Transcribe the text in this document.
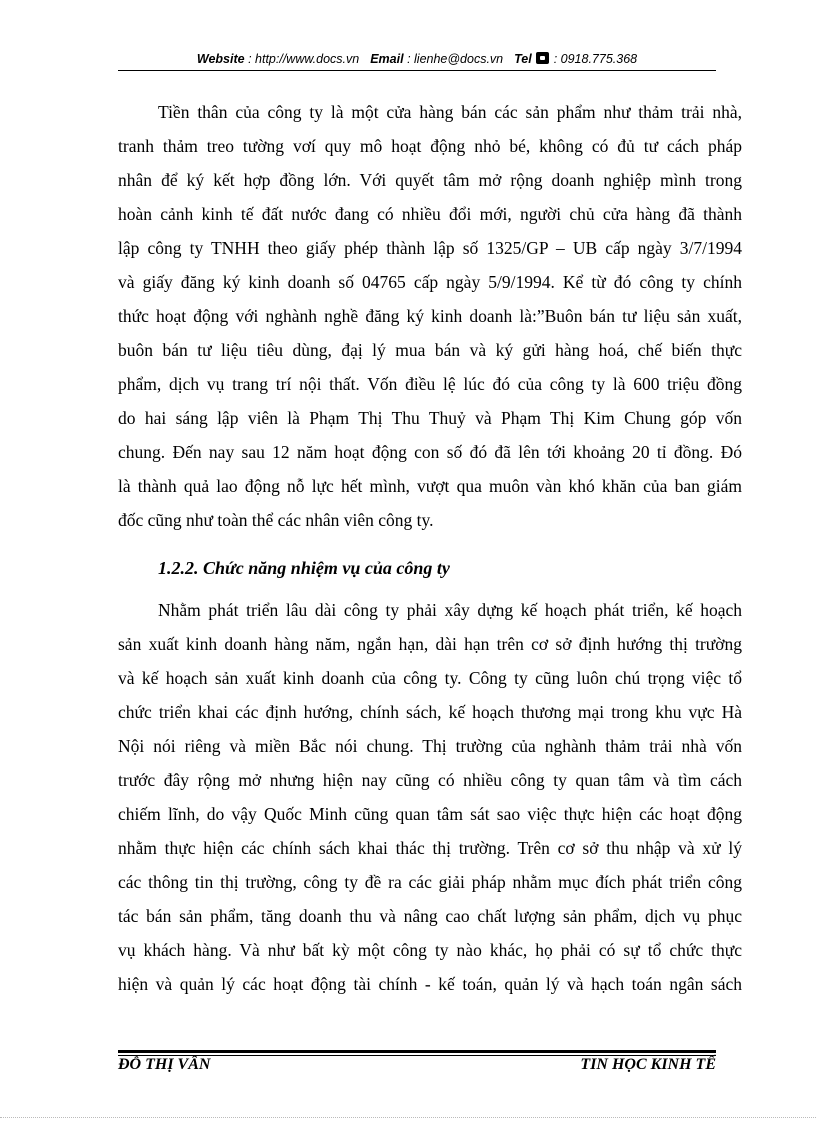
Website : http://www.docs.vn Email : lienhe@docs.vn Tel : 0918.775.368
Tiền thân của công ty là một cửa hàng bán các sản phẩm như thảm trải nhà,
tranh thảm treo tường vơí quy mô hoạt động nhỏ bé, không có đủ tư cách pháp
nhân để ký kết hợp đồng lớn. Với quyết tâm mở rộng doanh nghiệp mình trong
hoàn cảnh kinh tế đất nước đang có nhiều đổi mới, người chủ cửa hàng đã thành
lập công ty TNHH theo giấy phép thành lập số 1325/GP – UB cấp ngày 3/7/1994
và giấy đăng ký kinh doanh số 04765 cấp ngày 5/9/1994. Kể từ đó công ty chính
thức hoạt động với nghành nghề đăng ký kinh doanh là:”Buôn bán tư liệu sản xuất,
buôn bán tư liệu tiêu dùng, đạị lý mua bán và ký gửi hàng hoá, chế biến thực
phẩm, dịch vụ trang trí nội thất. Vốn điều lệ lúc đó của công ty là 600 triệu đồng
do hai sáng lập viên là Phạm Thị Thu Thuỷ và Phạm Thị Kim Chung góp vốn
chung. Đến nay sau 12 năm hoạt động con số đó đã lên tới khoảng 20 tỉ đồng. Đó
là thành quả lao động nỗ lực hết mình, vượt qua muôn vàn khó khăn của ban giám
đốc cũng như toàn thể các nhân viên công ty.
1.2.2. Chức năng nhiệm vụ của công ty
Nhằm phát triển lâu dài công ty phải xây dựng kế hoạch phát triển, kế hoạch
sản xuất kinh doanh hàng năm, ngắn hạn, dài hạn trên cơ sở định hướng thị trường
và kế hoạch sản xuất kinh doanh của công ty. Công ty cũng luôn chú trọng việc tổ
chức triển khai các định hướng, chính sách, kế hoạch thương mại trong khu vực Hà
Nội nói riêng và miền Bắc nói chung. Thị trường của nghành thảm trải nhà vốn
trước đây rộng mở nhưng hiện nay cũng có nhiều công ty quan tâm và tìm cách
chiếm lĩnh, do vậy Quốc Minh cũng quan tâm sát sao việc thực hiện các hoạt động
nhằm thực hiện các chính sách khai thác thị trường. Trên cơ sở thu nhập và xử lý
các thông tin thị trường, công ty đề ra các giải pháp nhằm mục đích phát triển công
tác bán sản phẩm, tăng doanh thu và nâng cao chất lượng sản phẩm, dịch vụ phục
vụ khách hàng. Và như bất kỳ một công ty nào khác, họ phải có sự tổ chức thực
hiện và quản lý các hoạt động tài chính - kế toán, quản lý và hạch toán ngân sách
ĐỖ THỊ VÂN	TIN HỌC KINH TẾ
